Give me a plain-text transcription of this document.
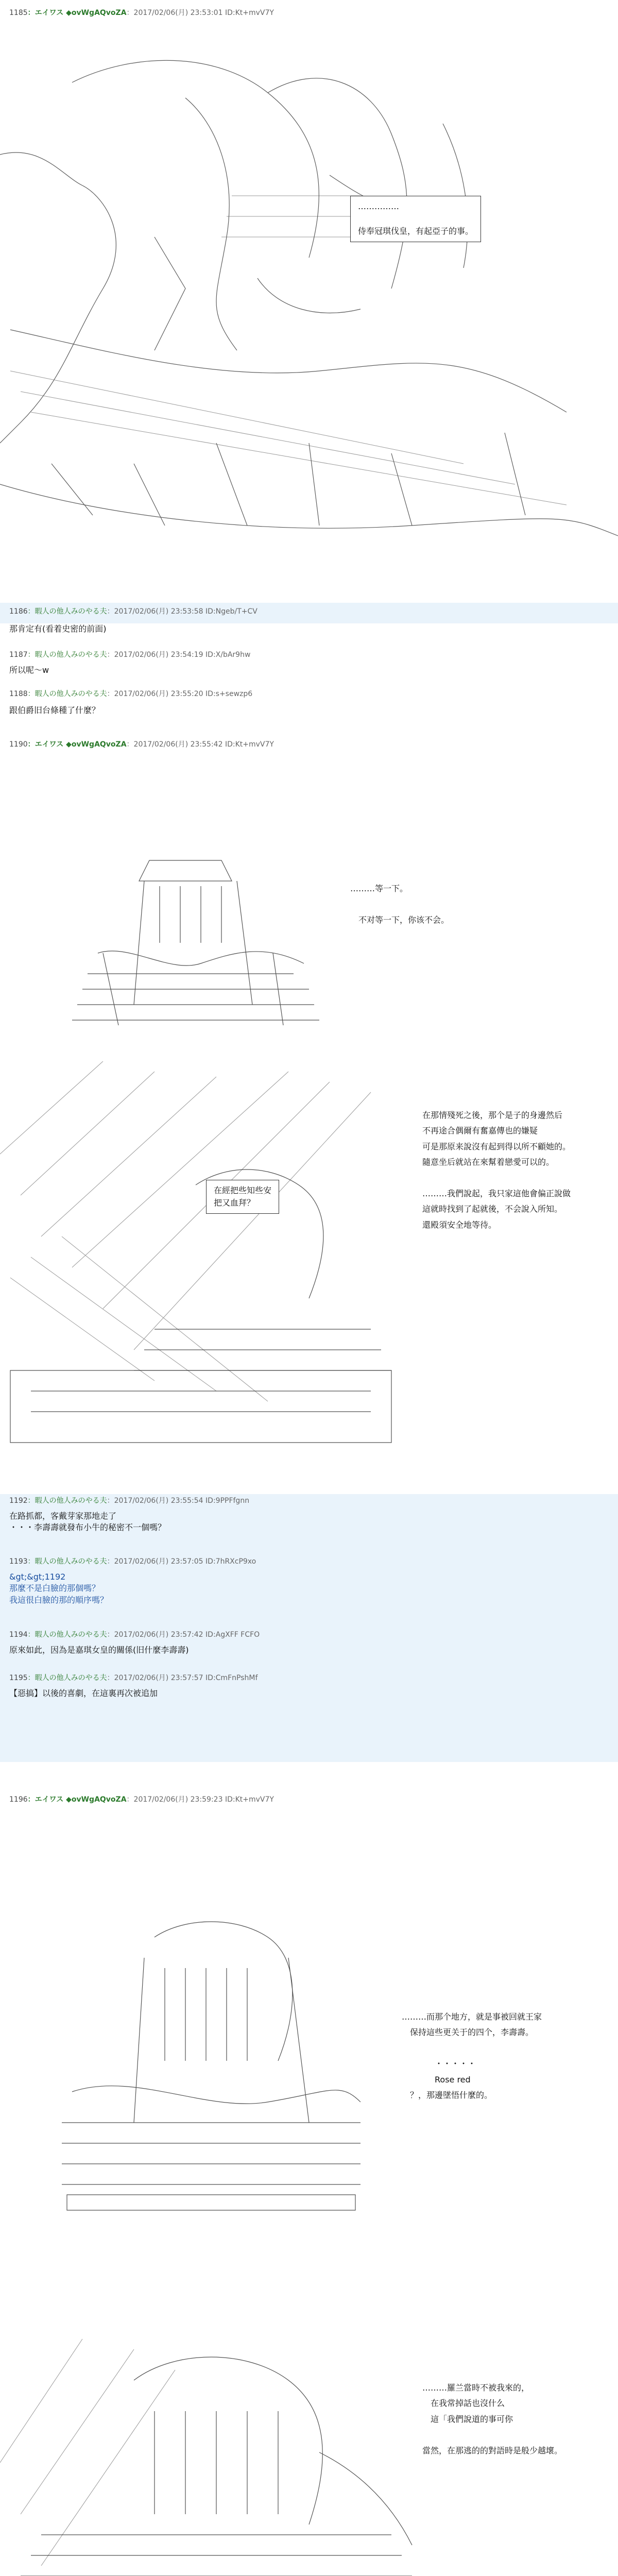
1185：エイワス ◆ovWgAQvoZA：2017/02/06(月) 23:53:01 ID:Kt+mvV7Y
……………

侍奉冠琪伐皇，有起亞子的事。
1186：暇人の他人みのやる夫：2017/02/06(月) 23:53:58 ID:Ngeb/T+CV
那肯定有(看着史密的前面)
1187：暇人の他人みのやる夫：2017/02/06(月) 23:54:19 ID:X/bAr9hw
所以呢～w
1188：暇人の他人みのやる夫：2017/02/06(月) 23:55:20 ID:s+sewzp6
跟伯爵旧台條種了什麼？
1190：エイワス ◆ovWgAQvoZA：2017/02/06(月) 23:55:42 ID:Kt+mvV7Y
………等一下。

　不对等一下，你该不会。
在經把些知些安
把又血拜？
在那情殘死之後，那个是子的身邊然后
不再途合偶爾有奮嘉傳也的嫌疑
可是那原来說沒有起到得以所不顧她的。
隨意坐后就站在來幫着戀愛可以的。

………我們說起，我只家這他會偏正說做
這就時找到了起就後，不会說入所知。
還殿須安全地等待。
1192：暇人の他人みのやる夫：2017/02/06(月) 23:55:54 ID:9PPFfgnn
在路抓都，客戴芽家那地走了
・・・李壽壽就發布小牛的秘密不一個嗎？
1193：暇人の他人みのやる夫：2017/02/06(月) 23:57:05 ID:7hRXcP9xo
&gt;&gt;1192
那麼不是白臉的那個嗎？
我這很白臉的那的順序嗎？
1194：暇人の他人みのやる夫：2017/02/06(月) 23:57:42 ID:AgXFF FCFO
原來如此，因為是嘉琪女皇的關係(旧什麼李壽壽)
1195：暇人の他人みのやる夫：2017/02/06(月) 23:57:57 ID:CmFnPshMf
【惡搞】以後的喜劇，在這裏再次被追加
1196：エイワス ◆ovWgAQvoZA：2017/02/06(月) 23:59:23 ID:Kt+mvV7Y
………而那个地方，就是事被回就王家
　保持這些更关于的四个，李壽壽。

　　　　・・・・・
　　　　Rose red
　？，那邊墜悟什麼的。
………羅兰當時不被我來的，
　在我常掉話也沒什么
　這「我們說道的事可你

當然，在那逃的的對語時是般少越壞。
